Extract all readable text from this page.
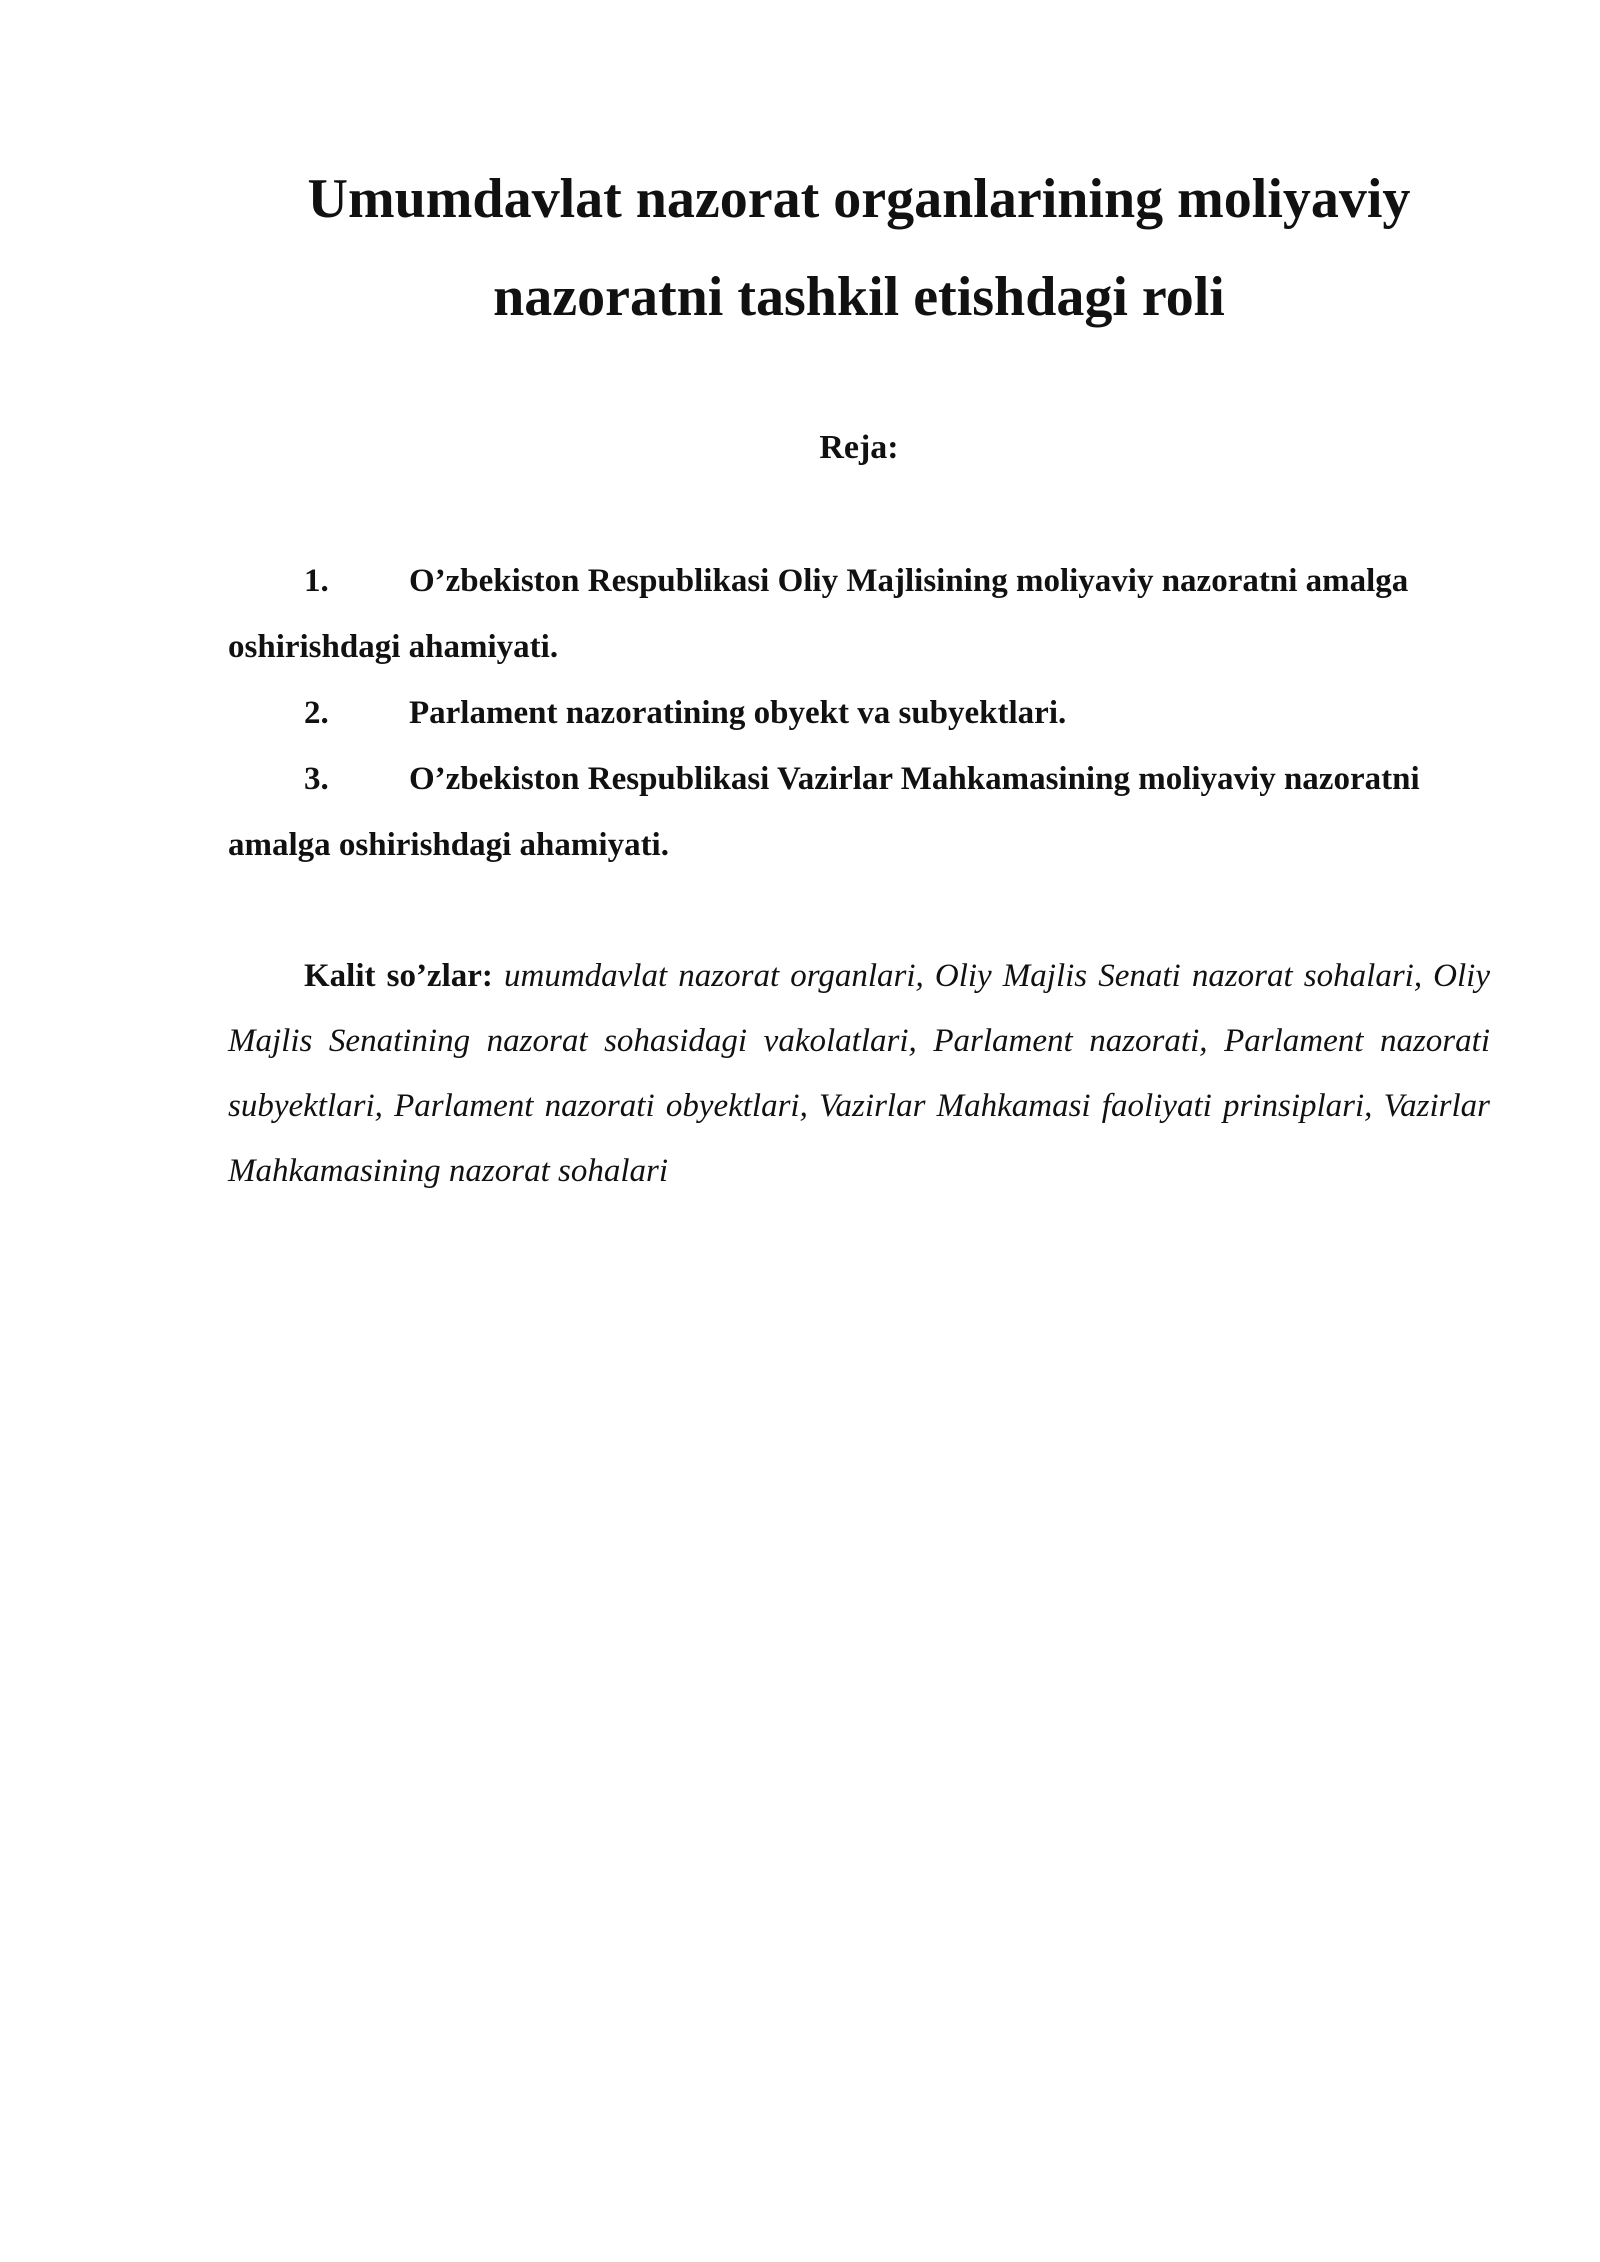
Umumdavlat nazorat organlarining moliyaviy nazoratni tashkil etishdagi roli
Reja:
1. O’zbekiston Respublikasi Oliy Majlisining moliyaviy nazoratni amalga oshirishdagi ahamiyati.
2. Parlament nazoratining obyekt va subyektlari.
3. O’zbekiston Respublikasi Vazirlar Mahkamasining moliyaviy nazoratni amalga oshirishdagi ahamiyati.

Kalit so’zlar: umumdavlat nazorat organlari, Oliy Majlis Senati nazorat sohalari, Oliy Majlis Senatining nazorat sohasidagi vakolatlari, Parlament nazorati, Parlament nazorati subyektlari, Parlament nazorati obyektlari, Vazirlar Mahkamasi faoliyati prinsiplari, Vazirlar Mahkamasining nazorat sohalari
